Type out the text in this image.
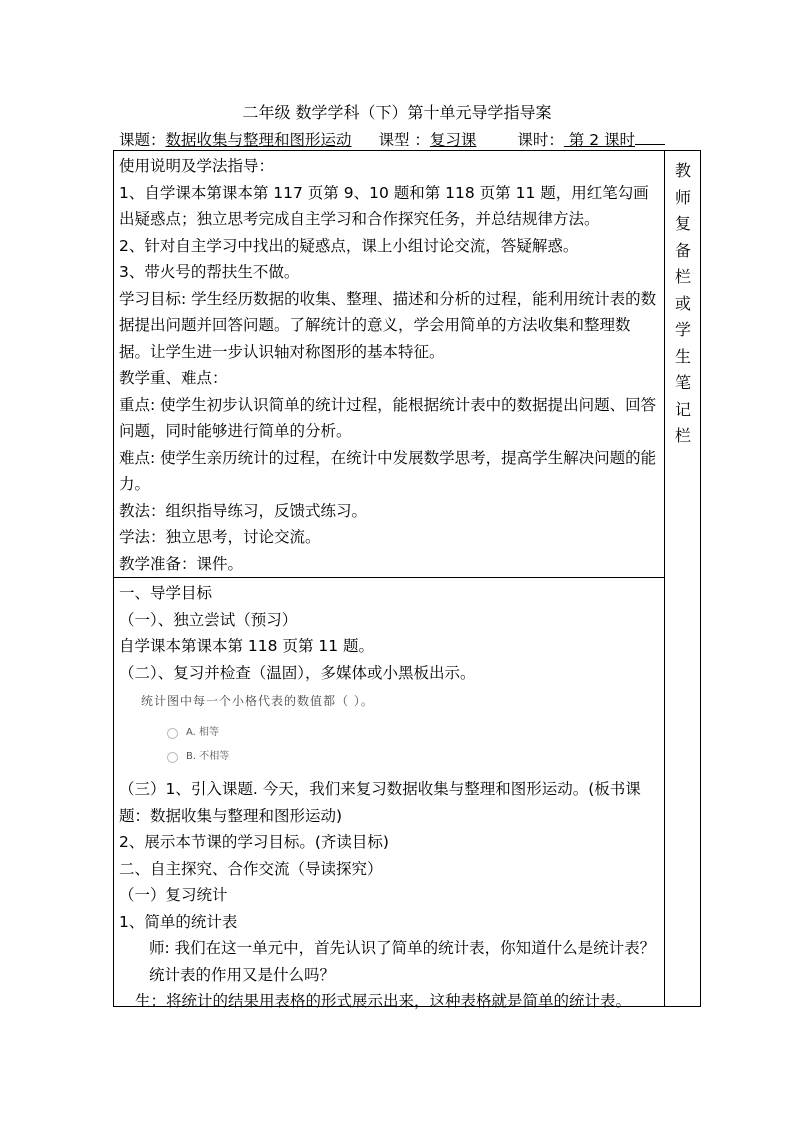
二年级 数学学科（下）第十单元导学指导案
课题：数据收集与整理和图形运动 课型 ：复习课	课时： 第 2 课时
教
师
复
备
栏
或
学
生
笔
记
栏

使用说明及学法指导：

1、自学课本第课本第 117 页第 9、10 题和第 118 页第 11 题，用红笔勾画出疑惑点；独立思考完成自主学习和合作探究任务，并总结规律方法。

2、针对自主学习中找出的疑惑点，课上小组讨论交流，答疑解惑。

3、带⽕号的帮扶生不做。

学习目标: 学生经历数据的收集、整理、描述和分析的过程，能利用统计表的数据提出问题并回答问题。了解统计的意义，学会用简单的方法收集和整理数据。让学生进一步认识轴对称图形的基本特征。

教学重、难点：

重点: 使学生初步认识简单的统计过程，能根据统计表中的数据提出问题、回答问题，同时能够进行简单的分析。

难点: 使学生亲历统计的过程，在统计中发展数学思考，提高学生解决问题的能力。

教法：组织指导练习，反馈式练习。

学法：独立思考，讨论交流。

教学准备：课件。

一、导学目标

（一）、独立尝试（预习）

自学课本第课本第 118 页第 11 题。

（二）、复习并检查（温固），多媒体或小黑板出示。

统计图中每一个小格代表的数值都（ ）。
A. 相等
B. 不相等

（三）1、引入课题. 今天，我们来复习数据收集与整理和图形运动。(板书课题：数据收集与整理和图形运动)

2、展示本节课的学习目标。(齐读目标)

二、自主探究、合作交流（导读探究）

（一）复习统计

1、简单的统计表

师: 我们在这一单元中，首先认识了简单的统计表，你知道什么是统计表？统计表的作用又是什么吗？

生：将统计的结果用表格的形式展示出来，这种表格就是简单的统计表。
